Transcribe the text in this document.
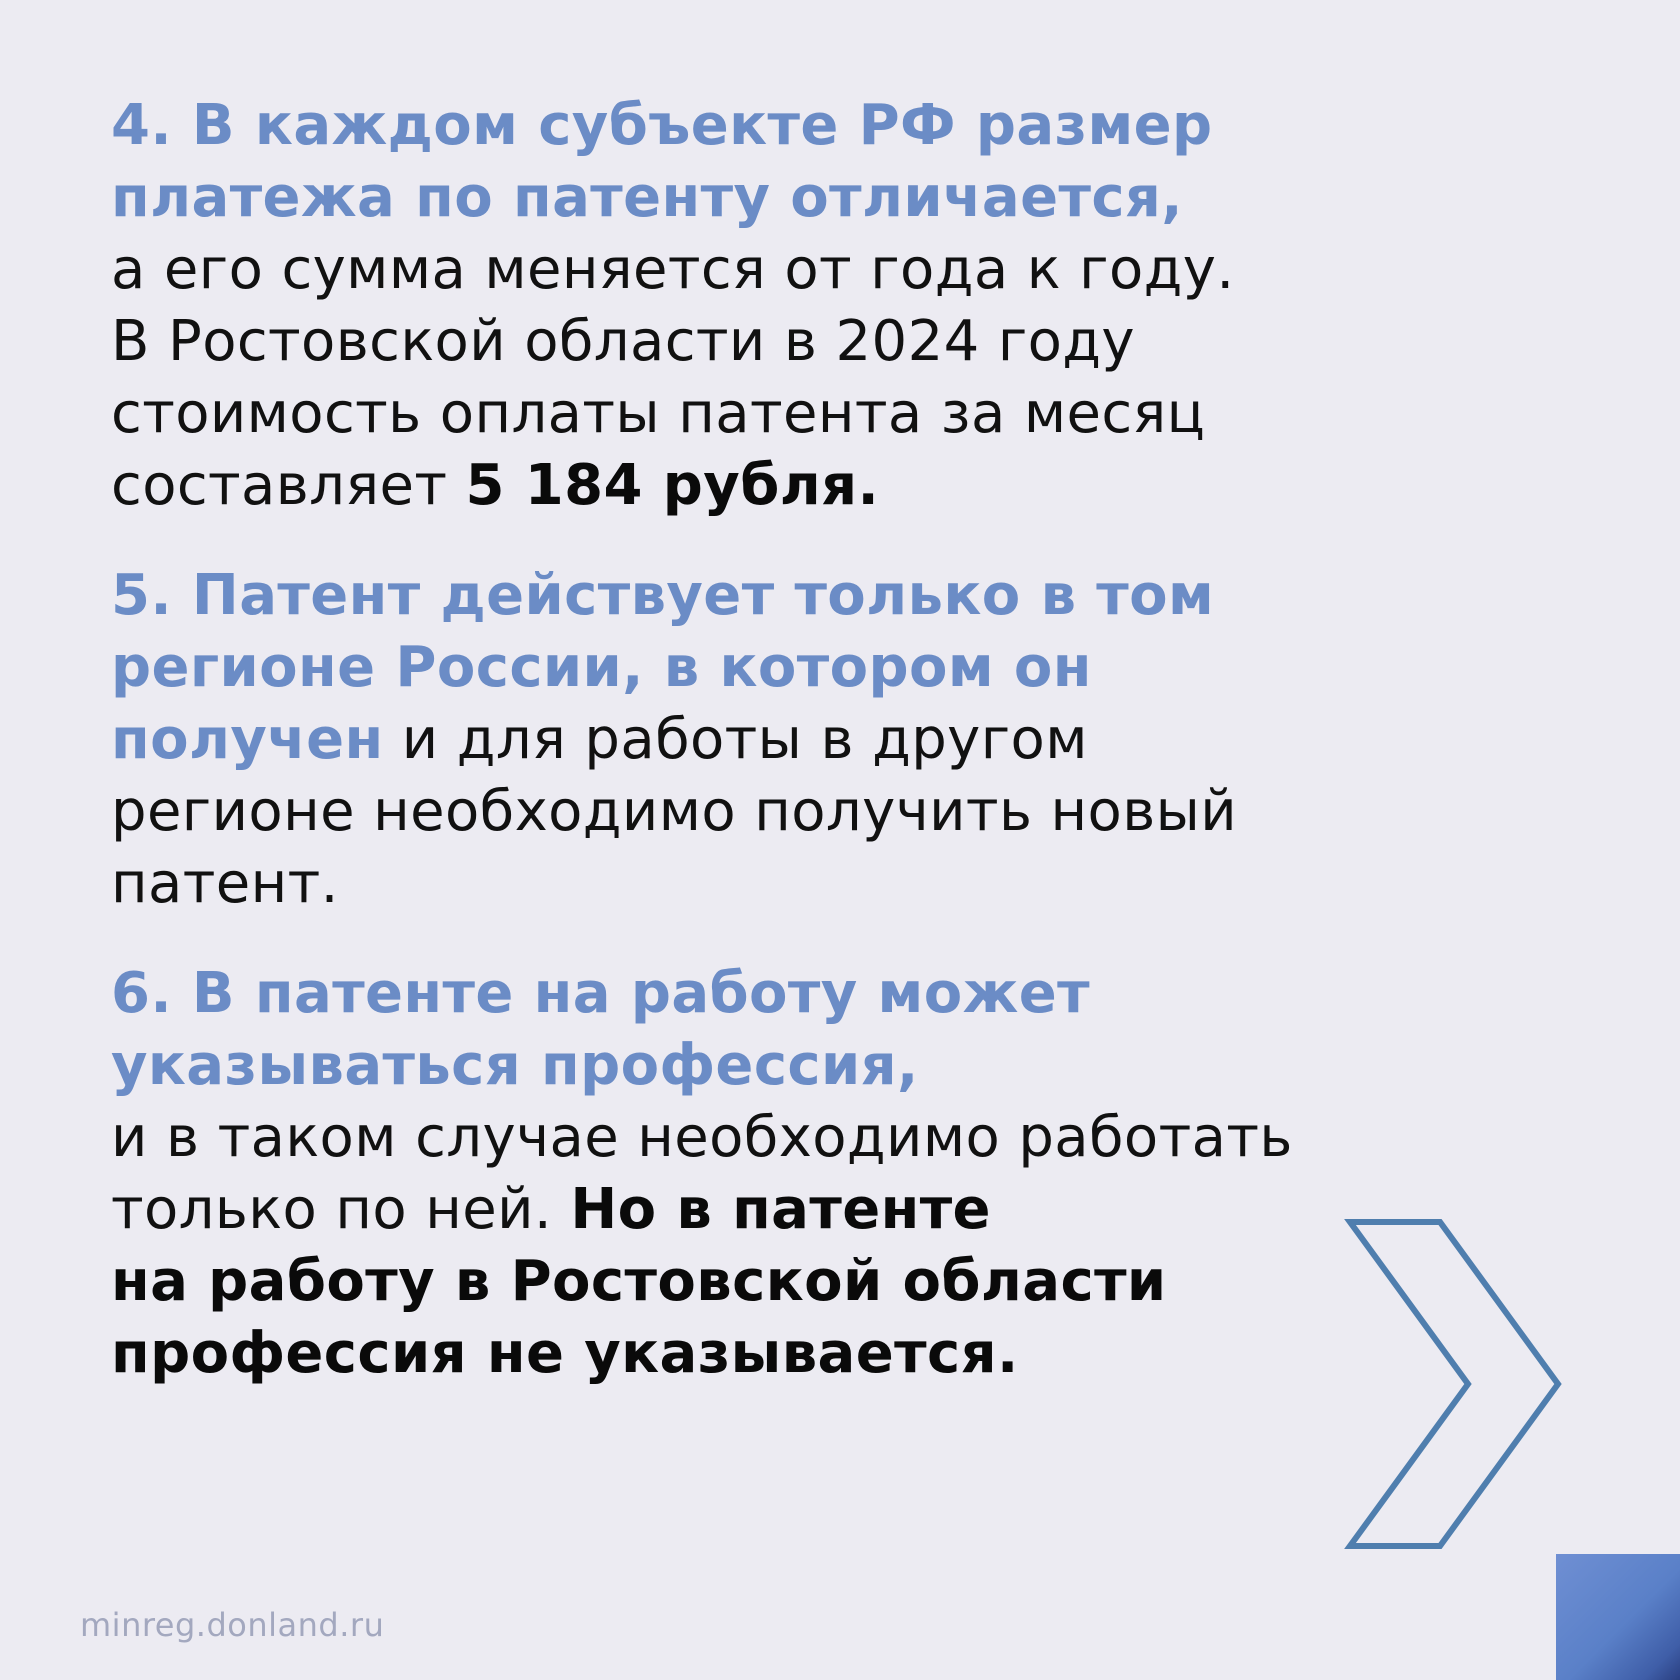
4. В каждом субъекте РФ размер
платежа по патенту отличается,
а его сумма меняется от года к году.
В Ростовской области в 2024 году
стоимость оплаты патента за месяц
составляет 5 184 рубля.

5. Патент действует только в том
регионе России, в котором он
получен и для работы в другом
регионе необходимо получить новый
патент.

6. В патенте на работу может
указываться профессия,
и в таком случае необходимо работать
только по ней. Но в патенте
на работу в Ростовской области
профессия не указывается.

minreg.donland.ru
